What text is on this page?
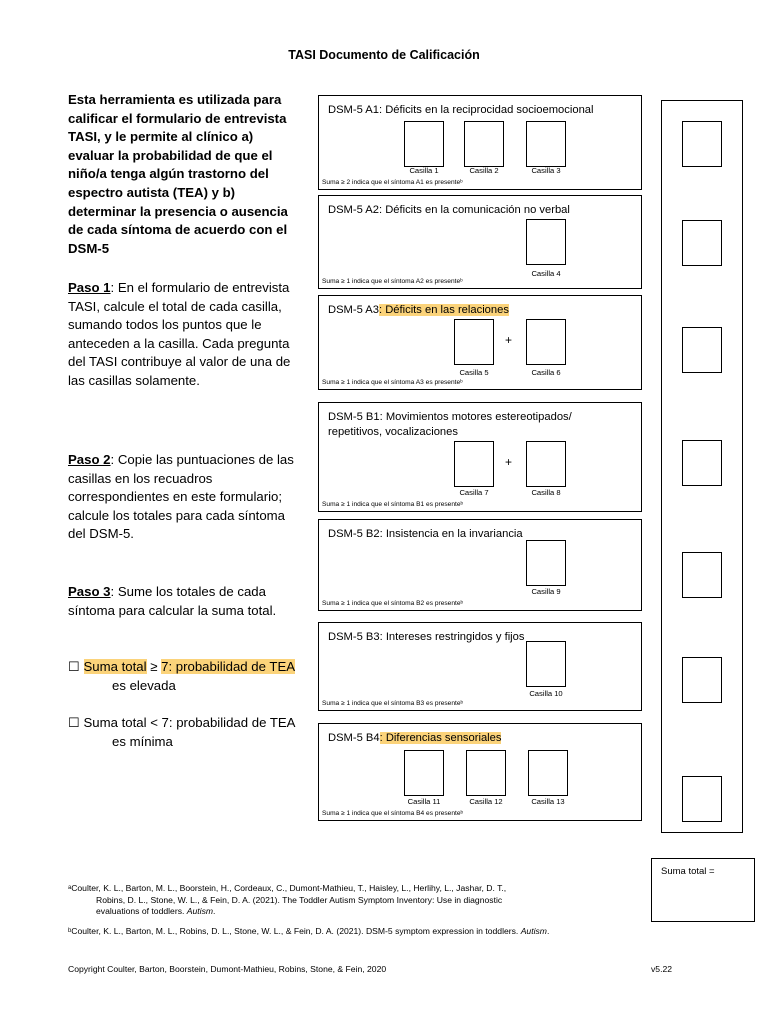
TASI Documento de Calificación
Esta herramienta es utilizada para calificar el formulario de entrevista TASI, y le permite al clínico a) evaluar la probabilidad de que el niño/a tenga algún trastorno del espectro autista (TEA) y b) determinar la presencia o ausencia de cada síntoma de acuerdo con el DSM-5
Paso 1: En el formulario de entrevista TASI, calcule el total de cada casilla, sumando todos los puntos que le anteceden a la casilla. Cada pregunta del TASI contribuye al valor de una de las casillas solamente.
Paso 2: Copie las puntuaciones de las casillas en los recuadros correspondientes en este formulario; calcule los totales para cada síntoma del DSM-5.
Paso 3: Sume los totales de cada síntoma para calcular la suma total.
☐ Suma total ≥ 7: probabilidad de TEA
es elevada
☐ Suma total < 7: probabilidad de TEA
es mínima
DSM-5 A1: Déficits en la reciprocidad socioemocional
Casilla 1	Casilla 2	Casilla 3
Suma ≥ 2 indica que el síntoma A1 es presenteᵇ
DSM-5 A2: Déficits en la comunicación no verbal
Casilla 4
Suma ≥ 1 indica que el síntoma A2 es presenteᵇ
DSM-5 A3: Déficits en las relaciones
Casilla 5
+
Casilla 6
Suma ≥ 1 indica que el síntoma A3 es presenteᵇ
DSM-5 B1: Movimientos motores estereotipados/ repetitivos, vocalizaciones
Casilla 7
+
Casilla 8
Suma ≥ 1 indica que el síntoma B1 es presenteᵇ
DSM-5 B2: Insistencia en la invariancia
Casilla 9
Suma ≥ 1 indica que el síntoma B2 es presenteᵇ
DSM-5 B3: Intereses restringidos y fijos
Casilla 10
Suma ≥ 1 indica que el síntoma B3 es presenteᵇ
DSM-5 B4: Diferencias sensoriales
Casilla 11	Casilla 12	Casilla 13
Suma ≥ 1 indica que el síntoma B4 es presenteᵇ
Suma total =
ᵃCoulter, K. L., Barton, M. L., Boorstein, H., Cordeaux, C., Dumont-Mathieu, T., Haisley, L., Herlihy, L., Jashar, D. T.,
Robins, D. L., Stone, W. L., & Fein, D. A. (2021). The Toddler Autism Symptom Inventory: Use in diagnostic
evaluations of toddlers. Autism.
ᵇCoulter, K. L., Barton, M. L., Robins, D. L., Stone, W. L., & Fein, D. A. (2021). DSM-5 symptom expression in toddlers. Autism.
Copyright Coulter, Barton, Boorstein, Dumont-Mathieu, Robins, Stone, & Fein, 2020	v5.22
